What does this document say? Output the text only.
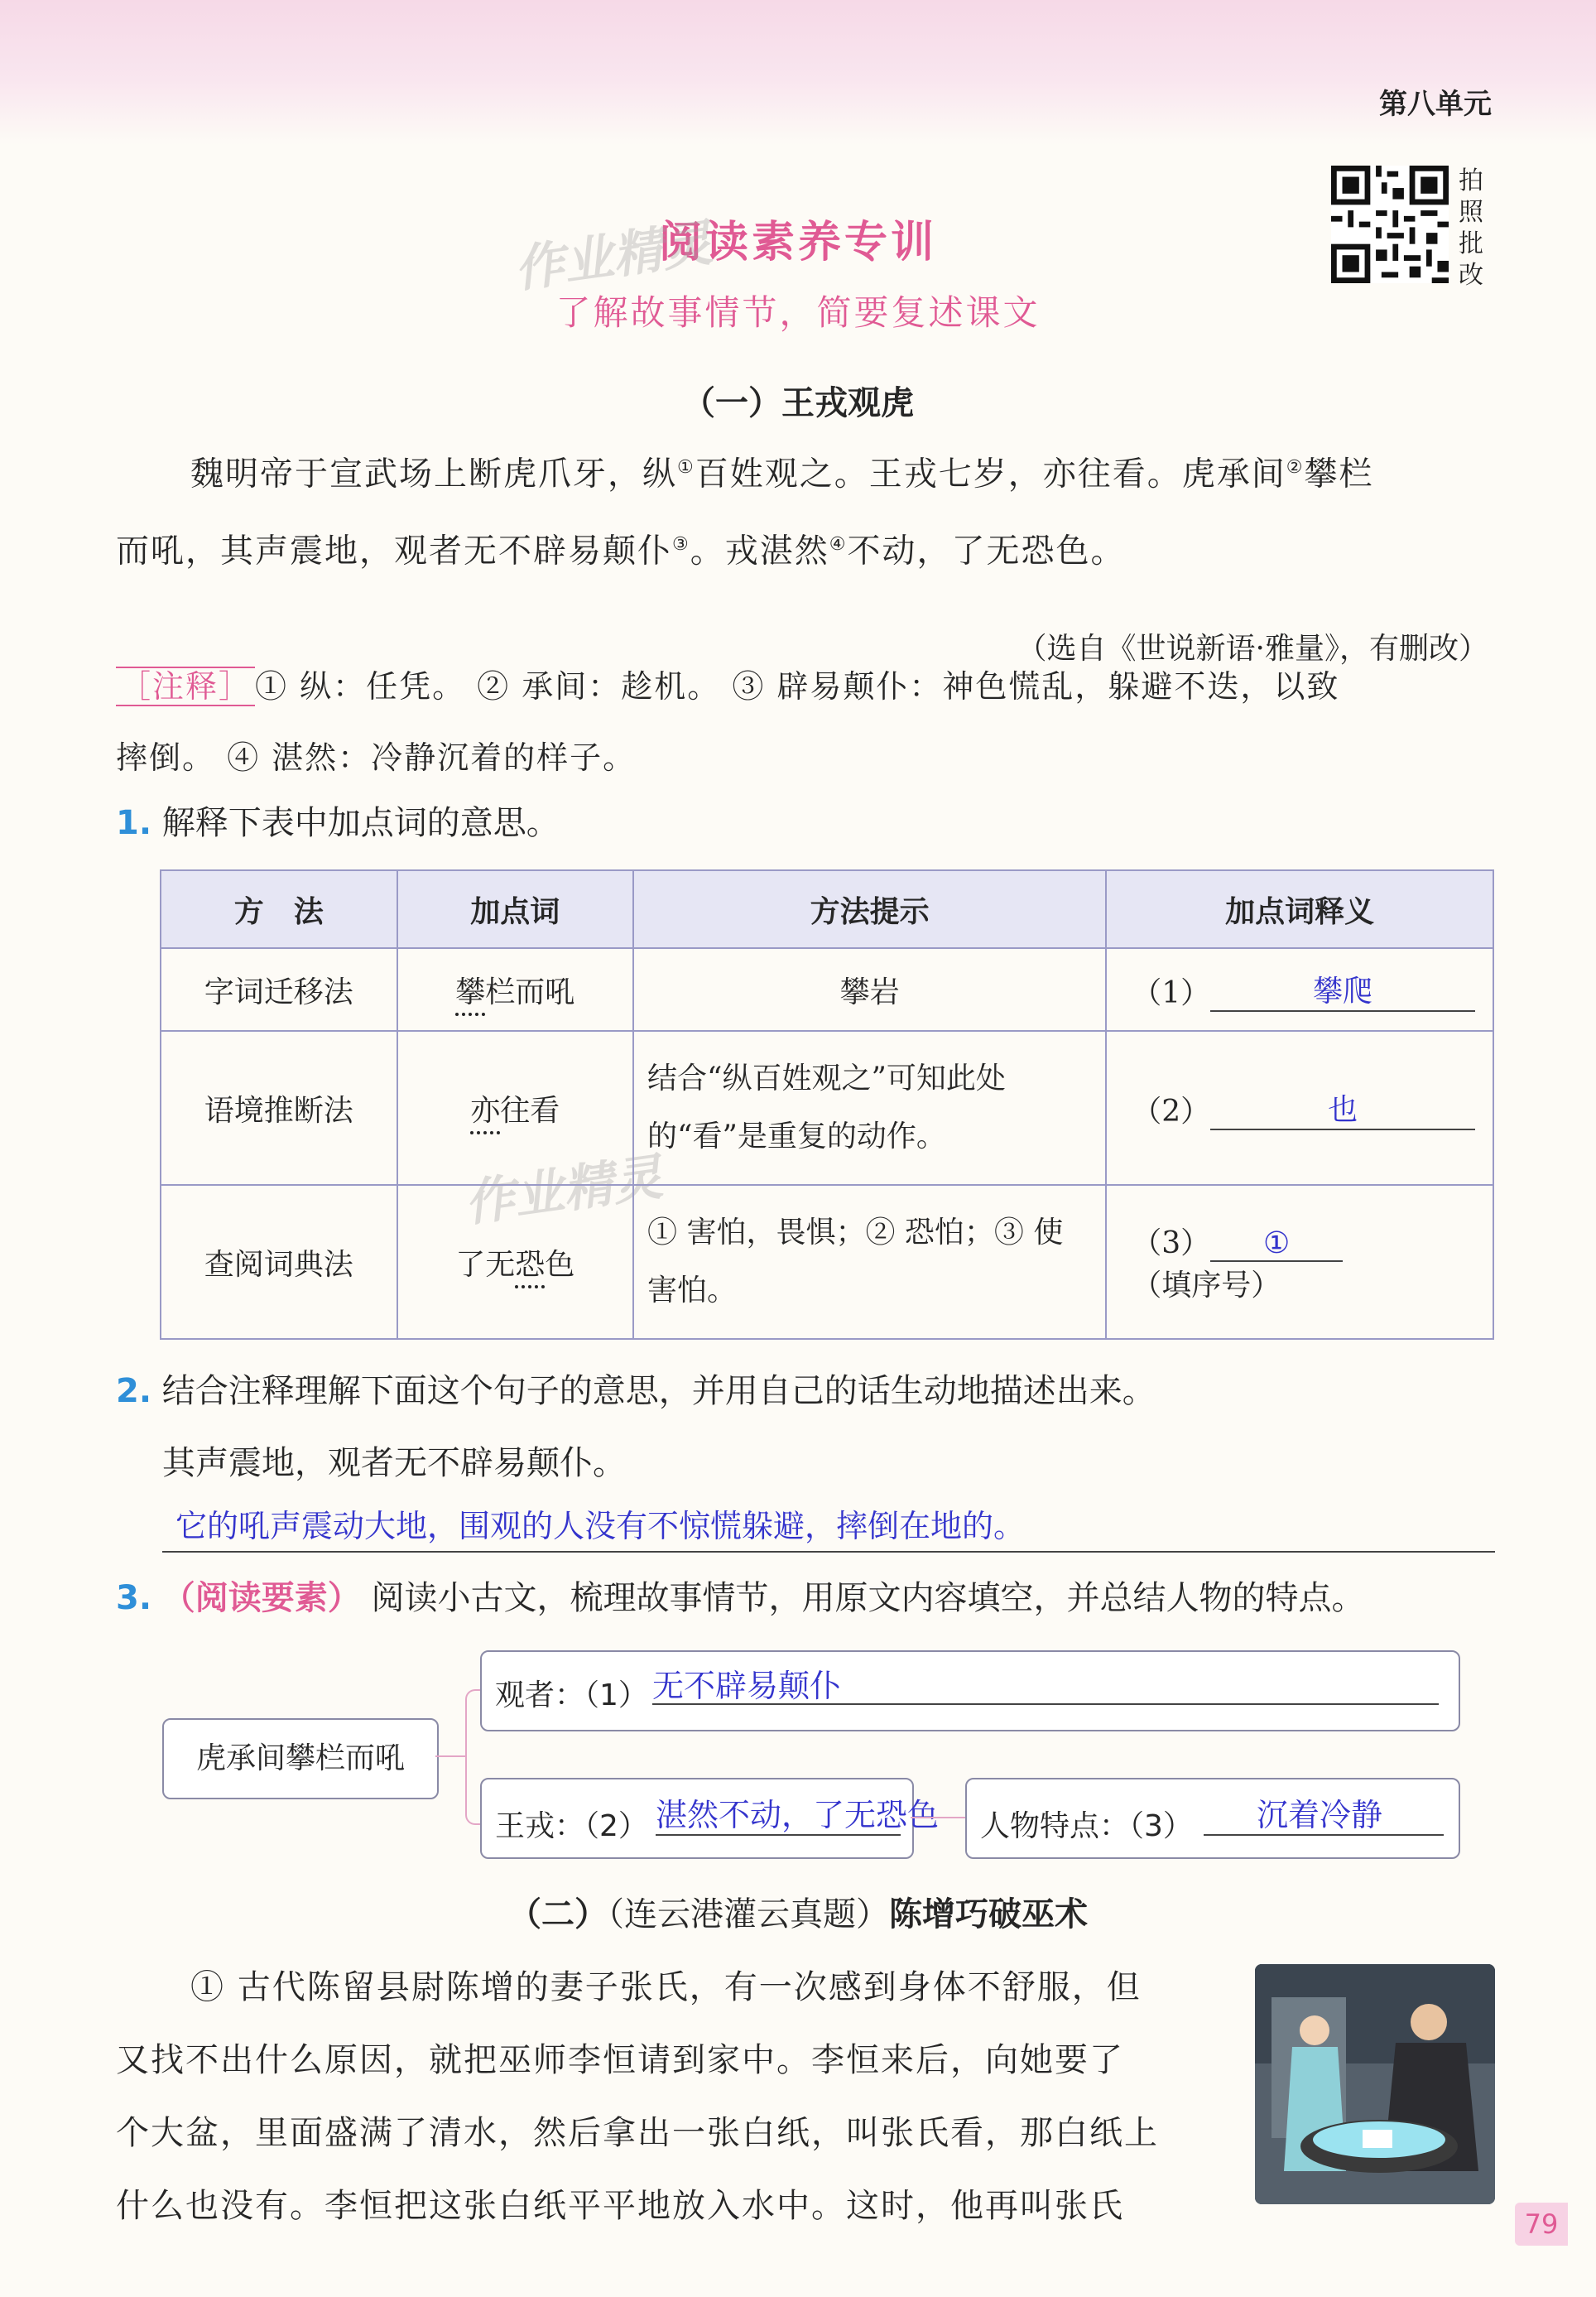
第八单元
阅读素养专训
了解故事情节，简要复述课文
作业精灵
作业精灵
拍照批改
（一）王戎观虎
魏明帝于宣武场上断虎爪牙，纵①百姓观之。王戎七岁，亦往看。虎承间②攀栏
而吼，其声震地，观者无不辟易颠仆③。戎湛然④不动，了无恐色。
（选自《世说新语·雅量》，有删改）
［注释］ ① 纵：任凭。 ② 承间：趁机。 ③ 辟易颠仆：神色慌乱，躲避不迭，以致
摔倒。 ④ 湛然：冷静沉着的样子。
1. 解释下表中加点词的意思。
方　法	加点词	方法提示	加点词释义
字词迁移法	攀栏而吼	攀岩	（1） 攀爬
语境推断法	亦往看	结合“纵百姓观之”可知此处的“看”是重复的动作。	（2） 也
查阅词典法	了无恐色	① 害怕，畏惧；② 恐怕；③ 使害怕。	（3） ①（填序号）
2. 结合注释理解下面这个句子的意思，并用自己的话生动地描述出来。
其声震地，观者无不辟易颠仆。
它的吼声震动大地，围观的人没有不惊慌躲避，摔倒在地的。
3. （阅读要素） 阅读小古文，梳理故事情节，用原文内容填空，并总结人物的特点。
虎承间攀栏而吼
观者：（1） 无不辟易颠仆
王戎：（2） 湛然不动，了无恐色 人物特点：（3） 沉着冷静
（二）（连云港灌云真题）陈增巧破巫术
① 古代陈留县尉陈增的妻子张氏，有一次感到身体不舒服，但
又找不出什么原因，就把巫师李恒请到家中。李恒来后，向她要了
个大盆，里面盛满了清水，然后拿出一张白纸，叫张氏看，那白纸上
什么也没有。李恒把这张白纸平平地放入水中。这时，他再叫张氏	79
